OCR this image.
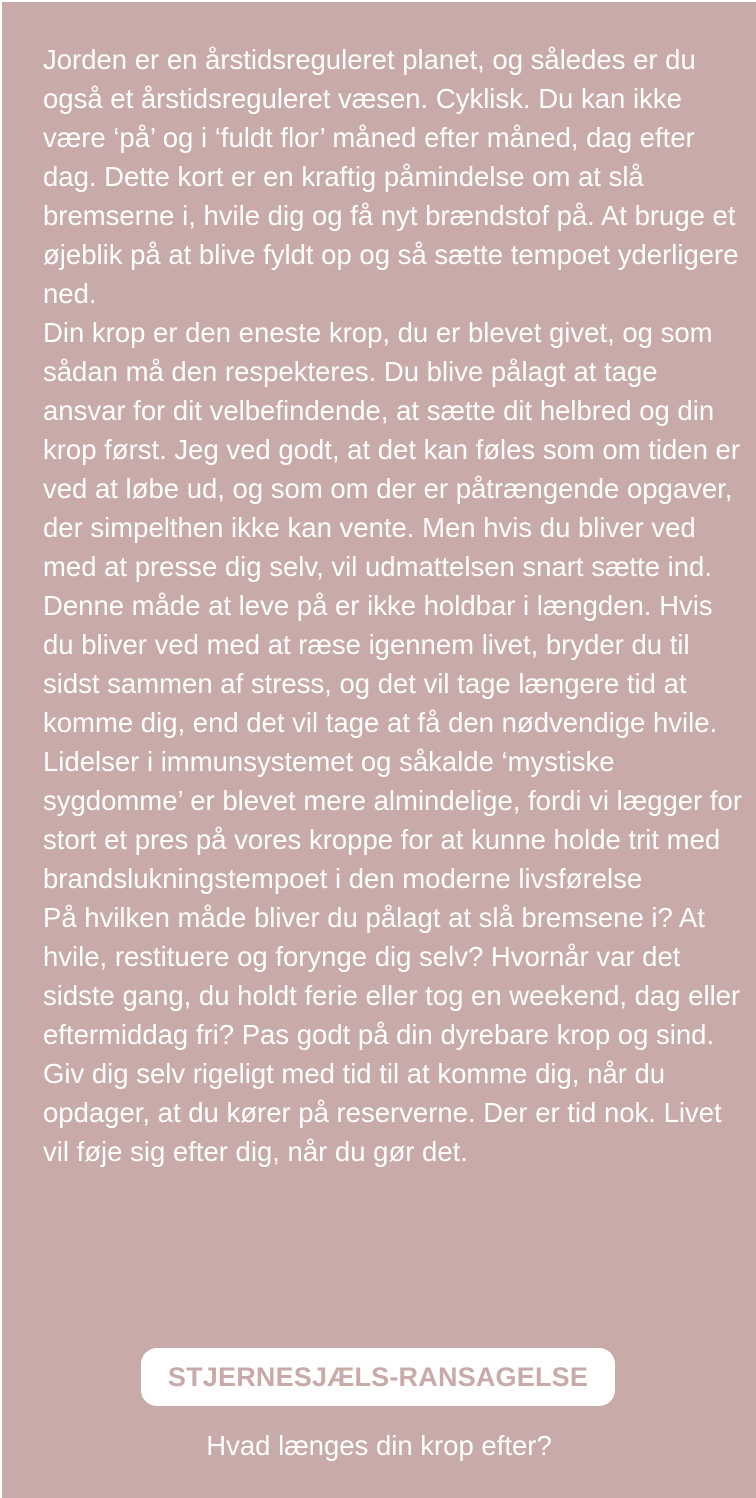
Jorden er en årstidsreguleret planet, og således er du også et årstidsreguleret væsen. Cyklisk. Du kan ikke være ‘på’ og i ‘fuldt flor’ måned efter måned, dag efter dag. Dette kort er en kraftig påmindelse om at slå bremserne i, hvile dig og få nyt brændstof på. At bruge et øjeblik på at blive fyldt op og så sætte tempoet yderligere ned.

Din krop er den eneste krop, du er blevet givet, og som sådan må den respekteres. Du blive pålagt at tage ansvar for dit velbefindende, at sætte dit helbred og din krop først. Jeg ved godt, at det kan føles som om tiden er ved at løbe ud, og som om der er påtrængende opgaver, der simpelthen ikke kan vente. Men hvis du bliver ved med at presse dig selv, vil udmattelsen snart sætte ind.

Denne måde at leve på er ikke holdbar i længden. Hvis du bliver ved med at ræse igennem livet, bryder du til sidst sammen af stress, og det vil tage længere tid at komme dig, end det vil tage at få den nødvendige hvile.

Lidelser i immunsystemet og såkalde ‘mystiske sygdomme’ er blevet mere almindelige, fordi vi lægger for stort et pres på vores kroppe for at kunne holde trit med brandslukningstempoet i den moderne livsførelse

På hvilken måde bliver du pålagt at slå bremsene i? At hvile, restituere og forynge dig selv? Hvornår var det sidste gang, du holdt ferie eller tog en weekend, dag eller eftermiddag fri? Pas godt på din dyrebare krop og sind. Giv dig selv rigeligt med tid til at komme dig, når du opdager, at du kører på reserverne. Der er tid nok. Livet vil føje sig efter dig, når du gør det.

STJERNESJÆLS-RANSAGELSE
Hvad længes din krop efter?
